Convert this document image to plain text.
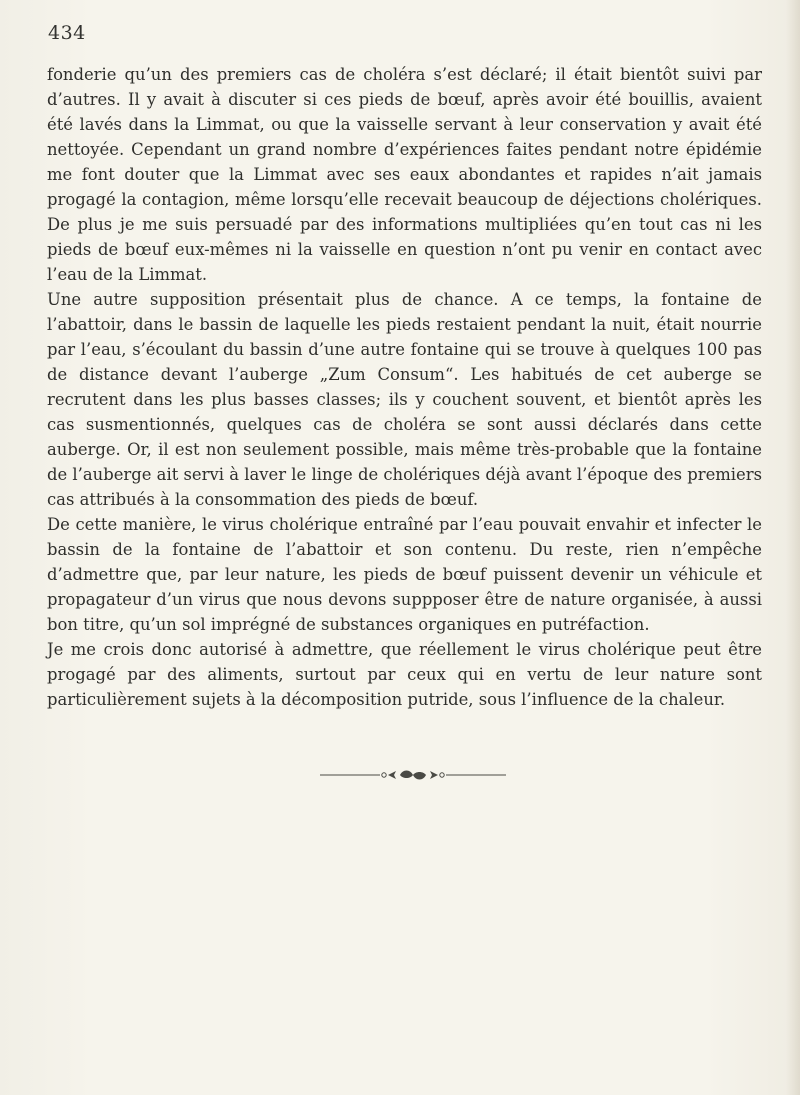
434

fonderie qu’un des premiers cas de choléra s’est déclaré; il était bientôt suivi par d’autres. Il y avait à discuter si ces pieds de bœuf, après avoir été bouillis, avaient été lavés dans la Limmat, ou que la vaisselle servant à leur conservation y avait été nettoyée. Cependant un grand nombre d’expériences faites pendant notre épidémie me font douter que la Limmat avec ses eaux abondantes et rapides n’ait jamais progagé la contagion, même lorsqu’elle recevait beaucoup de déjections cholériques. De plus je me suis persuadé par des informations multipliées qu’en tout cas ni les pieds de bœuf eux-mêmes ni la vaisselle en question n’ont pu venir en contact avec l’eau de la Limmat.

Une autre supposition présentait plus de chance. A ce temps, la fontaine de l’abattoir, dans le bassin de laquelle les pieds restaient pendant la nuit, était nourrie par l’eau, s’écoulant du bassin d’une autre fontaine qui se trouve à quelques 100 pas de distance devant l’auberge „Zum Consum“. Les habitués de cet auberge se recrutent dans les plus basses classes; ils y couchent souvent, et bientôt après les cas susmentionnés, quelques cas de choléra se sont aussi déclarés dans cette auberge. Or, il est non seulement possible, mais même très-probable que la fontaine de l’auberge ait servi à laver le linge de cholériques déjà avant l’époque des premiers cas attribués à la consommation des pieds de bœuf.

De cette manière, le virus cholérique entraîné par l’eau pouvait envahir et infecter le bassin de la fontaine de l’abattoir et son contenu. Du reste, rien n’empêche d’admettre que, par leur nature, les pieds de bœuf puissent devenir un véhicule et propagateur d’un virus que nous devons suppposer être de nature organisée, à aussi bon titre, qu’un sol imprégné de substances organiques en putréfaction.

Je me crois donc autorisé à admettre, que réellement le virus cholérique peut être progagé par des aliments, surtout par ceux qui en vertu de leur nature sont particulièrement sujets à la décomposition putride, sous l’influence de la chaleur.
